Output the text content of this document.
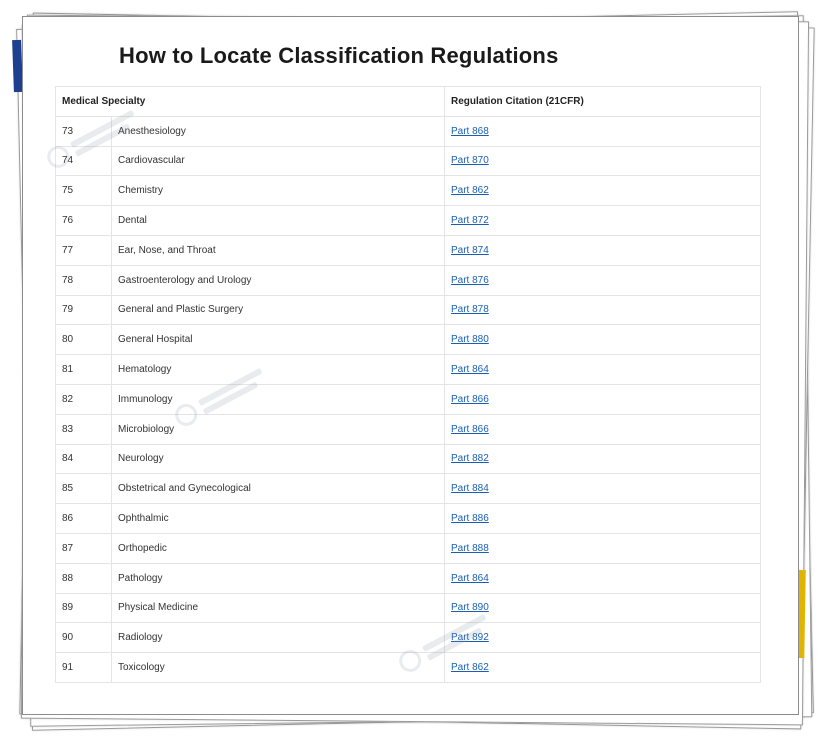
How to Locate Classification Regulations
Medical Specialty		Regulation Citation (21CFR)
73	Anesthesiology	Part 868
74	Cardiovascular	Part 870
75	Chemistry	Part 862
76	Dental	Part 872
77	Ear, Nose, and Throat	Part 874
78	Gastroenterology and Urology	Part 876
79	General and Plastic Surgery	Part 878
80	General Hospital	Part 880
81	Hematology	Part 864
82	Immunology	Part 866
83	Microbiology	Part 866
84	Neurology	Part 882
85	Obstetrical and Gynecological	Part 884
86	Ophthalmic	Part 886
87	Orthopedic	Part 888
88	Pathology	Part 864
89	Physical Medicine	Part 890
90	Radiology	Part 892
91	Toxicology	Part 862
